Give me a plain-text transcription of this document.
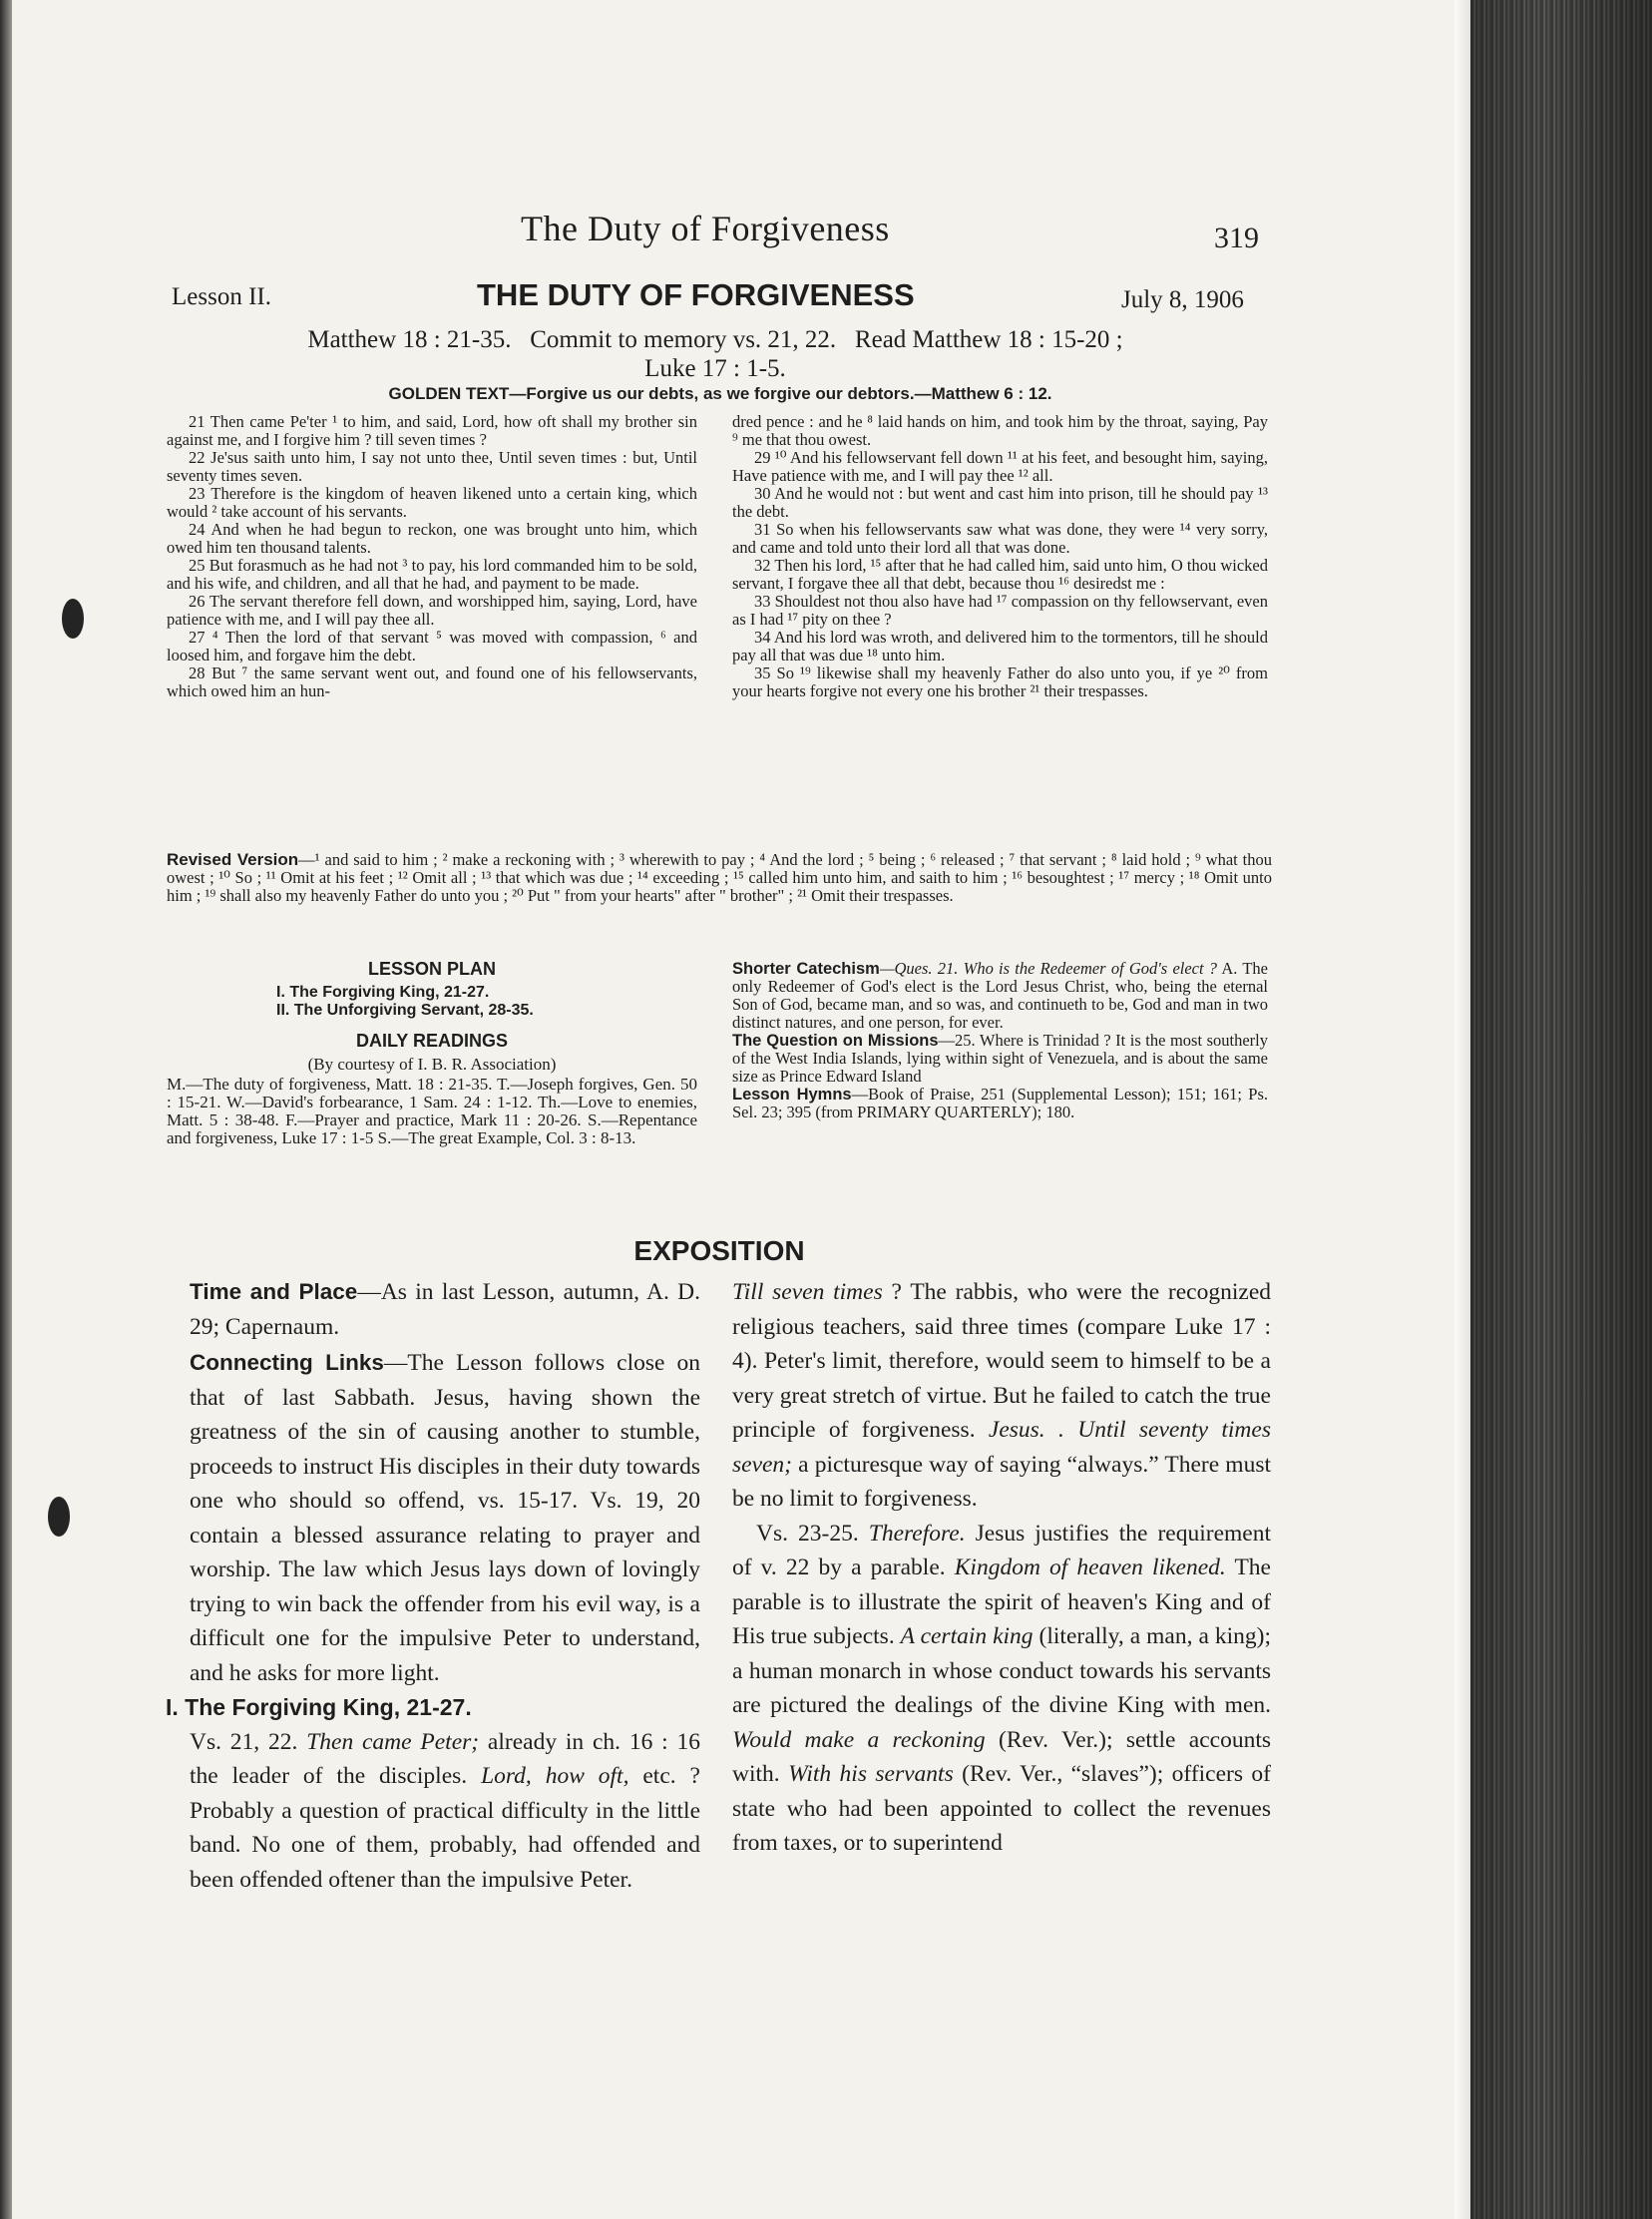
The Duty of Forgiveness	319
Lesson II.	THE DUTY OF FORGIVENESS	July 8, 1906
Matthew 18 : 21-35.   Commit to memory vs. 21, 22.   Read Matthew 18 : 15-20 ;
Luke 17 : 1-5.
GOLDEN TEXT—Forgive us our debts, as we forgive our debtors.—Matthew 6 : 12.

21 Then came Pe'ter ¹ to him, and said, Lord, how oft shall my brother sin against me, and I forgive him ? till seven times ?

22 Je'sus saith unto him, I say not unto thee, Until seven times : but, Until seventy times seven.

23 Therefore is the kingdom of heaven likened unto a certain king, which would ² take account of his servants.

24 And when he had begun to reckon, one was brought unto him, which owed him ten thousand talents.

25 But forasmuch as he had not ³ to pay, his lord commanded him to be sold, and his wife, and children, and all that he had, and payment to be made.

26 The servant therefore fell down, and worshipped him, saying, Lord, have patience with me, and I will pay thee all.

27 ⁴ Then the lord of that servant ⁵ was moved with compassion, ⁶ and loosed him, and forgave him the debt.

28 But ⁷ the same servant went out, and found one of his fellowservants, which owed him an hun-

dred pence : and he ⁸ laid hands on him, and took him by the throat, saying, Pay ⁹ me that thou owest.

29 ¹⁰ And his fellowservant fell down ¹¹ at his feet, and besought him, saying, Have patience with me, and I will pay thee ¹² all.

30 And he would not : but went and cast him into prison, till he should pay ¹³ the debt.

31 So when his fellowservants saw what was done, they were ¹⁴ very sorry, and came and told unto their lord all that was done.

32 Then his lord, ¹⁵ after that he had called him, said unto him, O thou wicked servant, I forgave thee all that debt, because thou ¹⁶ desiredst me :

33 Shouldest not thou also have had ¹⁷ compassion on thy fellowservant, even as I had ¹⁷ pity on thee ?

34 And his lord was wroth, and delivered him to the tormentors, till he should pay all that was due ¹⁸ unto him.

35 So ¹⁹ likewise shall my heavenly Father do also unto you, if ye ²⁰ from your hearts forgive not every one his brother ²¹ their trespasses.

Revised Version—¹ and said to him ; ² make a reckoning with ; ³ wherewith to pay ; ⁴ And the lord ; ⁵ being ; ⁶ released ; ⁷ that servant ; ⁸ laid hold ; ⁹ what thou owest ; ¹⁰ So ; ¹¹ Omit at his feet ; ¹² Omit all ; ¹³ that which was due ; ¹⁴ exceeding ; ¹⁵ called him unto him, and saith to him ; ¹⁶ besoughtest ; ¹⁷ mercy ; ¹⁸ Omit unto him ; ¹⁹ shall also my heavenly Father do unto you ; ²⁰ Put " from your hearts" after " brother" ; ²¹ Omit their trespasses.
LESSON PLAN
I. The Forgiving King, 21-27.
II. The Unforgiving Servant, 28-35.
DAILY READINGS
(By courtesy of I. B. R. Association)
M.—The duty of forgiveness, Matt. 18 : 21-35. T.—Joseph forgives, Gen. 50 : 15-21. W.—David's forbearance, 1 Sam. 24 : 1-12. Th.—Love to enemies, Matt. 5 : 38-48. F.—Prayer and practice, Mark 11 : 20-26. S.—Repentance and forgiveness, Luke 17 : 1-5 S.—The great Example, Col. 3 : 8-13.

Shorter Catechism—Ques. 21. Who is the Redeemer of God's elect ? A. The only Redeemer of God's elect is the Lord Jesus Christ, who, being the eternal Son of God, became man, and so was, and continueth to be, God and man in two distinct natures, and one person, for ever.

The Question on Missions—25. Where is Trinidad ? It is the most southerly of the West India Islands, lying within sight of Venezuela, and is about the same size as Prince Edward Island

Lesson Hymns—Book of Praise, 251 (Supplemental Lesson); 151; 161; Ps. Sel. 23; 395 (from PRIMARY QUARTERLY); 180.

EXPOSITION

Time and Place—As in last Lesson, autumn, A. D. 29; Capernaum.

Connecting Links—The Lesson follows close on that of last Sabbath. Jesus, having shown the greatness of the sin of causing another to stumble, proceeds to instruct His disciples in their duty towards one who should so offend, vs. 15-17. Vs. 19, 20 contain a blessed assurance relating to prayer and worship. The law which Jesus lays down of lovingly trying to win back the offender from his evil way, is a difficult one for the impulsive Peter to understand, and he asks for more light.

I. The Forgiving King, 21-27.

Vs. 21, 22. Then came Peter; already in ch. 16 : 16 the leader of the disciples. Lord, how oft, etc. ? Probably a question of practical difficulty in the little band. No one of them, probably, had offended and been offended oftener than the impulsive Peter.

Till seven times ? The rabbis, who were the recognized religious teachers, said three times (compare Luke 17 : 4). Peter's limit, therefore, would seem to himself to be a very great stretch of virtue. But he failed to catch the true principle of forgiveness. Jesus. . Until seventy times seven; a picturesque way of saying “always.” There must be no limit to forgiveness.

Vs. 23-25. Therefore. Jesus justifies the requirement of v. 22 by a parable. Kingdom of heaven likened. The parable is to illustrate the spirit of heaven's King and of His true subjects. A certain king (literally, a man, a king); a human monarch in whose conduct towards his servants are pictured the dealings of the divine King with men. Would make a reckoning (Rev. Ver.); settle accounts with. With his servants (Rev. Ver., “slaves”); officers of state who had been appointed to collect the revenues from taxes, or to superintend
